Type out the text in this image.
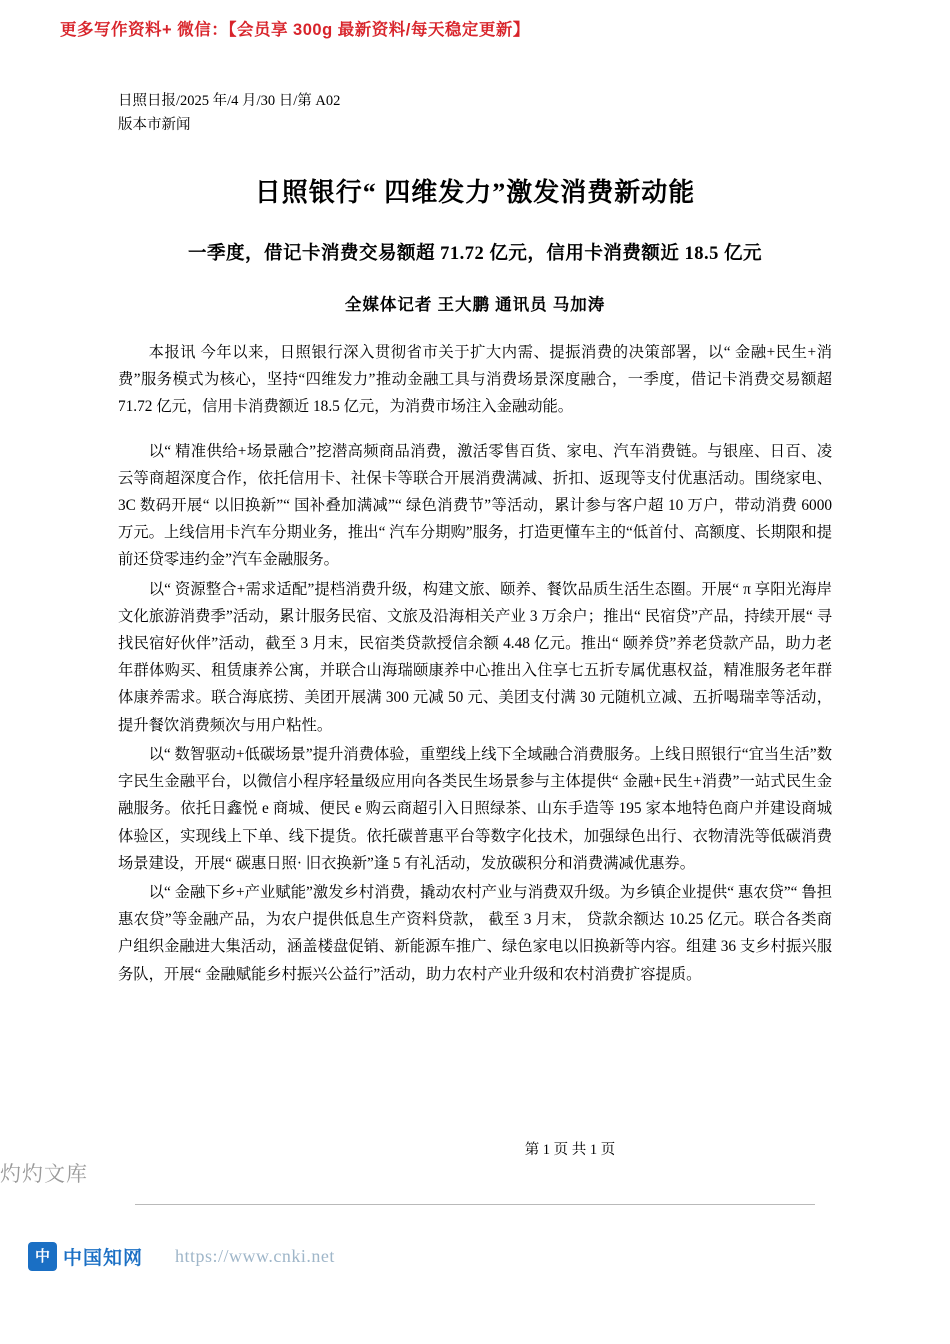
更多写作资料+ 微信：【会员享 300g 最新资料/每天稳定更新】
日照日报/2025 年/4 月/30 日/第 A02
版本市新闻
日照银行“ 四维发力”激发消费新动能
一季度，借记卡消费交易额超 71.72 亿元，信用卡消费额近 18.5 亿元
全媒体记者 王大鹏 通讯员 马加涛

本报讯 今年以来，日照银行深入贯彻省市关于扩大内需、提振消费的决策部署，以“ 金融+民生+消费”服务模式为核心，坚持“四维发力”推动金融工具与消费场景深度融合，一季度，借记卡消费交易额超 71.72 亿元，信用卡消费额近 18.5 亿元，为消费市场注入金融动能。

以“ 精准供给+场景融合”挖潜高频商品消费，激活零售百货、家电、汽车消费链。与银座、日百、凌云等商超深度合作，依托信用卡、社保卡等联合开展消费满减、折扣、返现等支付优惠活动。围绕家电、3C 数码开展“ 以旧换新”“ 国补叠加满减”“ 绿色消费节”等活动，累计参与客户超 10 万户，带动消费 6000 万元。上线信用卡汽车分期业务，推出“ 汽车分期购”服务，打造更懂车主的“低首付、高额度、长期限和提前还贷零违约金”汽车金融服务。

以“ 资源整合+需求适配”提档消费升级，构建文旅、颐养、餐饮品质生活生态圈。开展“ π 享阳光海岸文化旅游消费季”活动，累计服务民宿、文旅及沿海相关产业 3 万余户；推出“ 民宿贷”产品，持续开展“ 寻找民宿好伙伴”活动，截至 3 月末，民宿类贷款授信余额 4.48 亿元。推出“ 颐养贷”养老贷款产品，助力老年群体购买、租赁康养公寓，并联合山海瑞颐康养中心推出入住享七五折专属优惠权益，精准服务老年群体康养需求。联合海底捞、美团开展满 300 元减 50 元、美团支付满 30 元随机立减、五折喝瑞幸等活动，提升餐饮消费频次与用户粘性。

以“ 数智驱动+低碳场景”提升消费体验，重塑线上线下全域融合消费服务。上线日照银行“宜当生活”数字民生金融平台，以微信小程序轻量级应用向各类民生场景参与主体提供“ 金融+民生+消费”一站式民生金融服务。依托日鑫悦 e 商城、便民 e 购云商超引入日照绿茶、山东手造等 195 家本地特色商户并建设商城体验区，实现线上下单、线下提货。依托碳普惠平台等数字化技术，加强绿色出行、衣物清洗等低碳消费场景建设，开展“ 碳惠日照· 旧衣换新”逢 5 有礼活动，发放碳积分和消费满减优惠券。

以“ 金融下乡+产业赋能”激发乡村消费，撬动农村产业与消费双升级。为乡镇企业提供“ 惠农贷”“ 鲁担惠农贷”等金融产品，为农户提供低息生产资料贷款， 截至 3 月末， 贷款余额达 10.25 亿元。联合各类商户组织金融进大集活动，涵盖楼盘促销、新能源车推广、绿色家电以旧换新等内容。组建 36 支乡村振兴服务队，开展“ 金融赋能乡村振兴公益行”活动，助力农村产业升级和农村消费扩容提质。

第 1 页 共 1 页
灼灼文库
中国
中国知网 https://www.cnki.net
